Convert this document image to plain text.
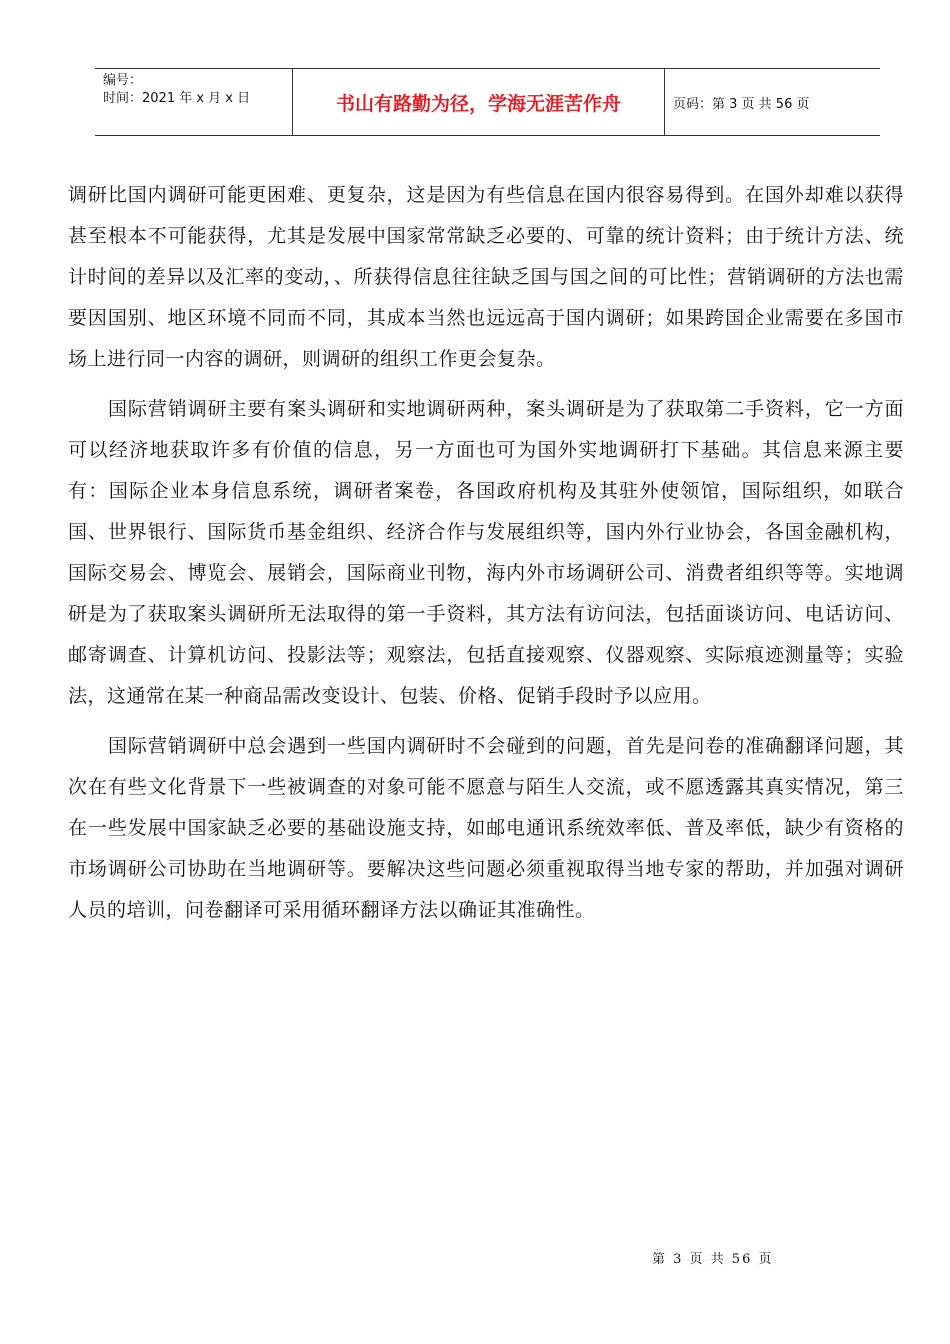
编号：
时间：2021 年 x 月 x 日	书山有路勤为径，学海无涯苦作舟	页码：第 3 页 共 56 页

调研比国内调研可能更困难、更复杂，这是因为有些信息在国内很容易得到。在国外却难以获得甚至根本不可能获得，尤其是发展中国家常常缺乏必要的、可靠的统计资料；由于统计方法、统计时间的差异以及汇率的变动，、所获得信息往往缺乏国与国之间的可比性；营销调研的方法也需要因国别、地区环境不同而不同，其成本当然也远远高于国内调研；如果跨国企业需要在多国市场上进行同一内容的调研，则调研的组织工作更会复杂。

国际营销调研主要有案头调研和实地调研两种，案头调研是为了获取第二手资料，它一方面可以经济地获取许多有价值的信息，另一方面也可为国外实地调研打下基础。其信息来源主要有：国际企业本身信息系统，调研者案卷，各国政府机构及其驻外使领馆，国际组织，如联合国、世界银行、国际货币基金组织、经济合作与发展组织等，国内外行业协会，各国金融机构，国际交易会、博览会、展销会，国际商业刊物，海内外市场调研公司、消费者组织等等。实地调研是为了获取案头调研所无法取得的第一手资料，其方法有访问法，包括面谈访问、电话访问、邮寄调查、计算机访问、投影法等；观察法，包括直接观察、仪器观察、实际痕迹测量等；实验法，这通常在某一种商品需改变设计、包装、价格、促销手段时予以应用。

国际营销调研中总会遇到一些国内调研时不会碰到的问题，首先是问卷的准确翻译问题，其次在有些文化背景下一些被调查的对象可能不愿意与陌生人交流，或不愿透露其真实情况，第三在一些发展中国家缺乏必要的基础设施支持，如邮电通讯系统效率低、普及率低，缺少有资格的市场调研公司协助在当地调研等。要解决这些问题必须重视取得当地专家的帮助，并加强对调研人员的培训，问卷翻译可采用循环翻译方法以确证其准确性。

第 3 页 共 56 页
